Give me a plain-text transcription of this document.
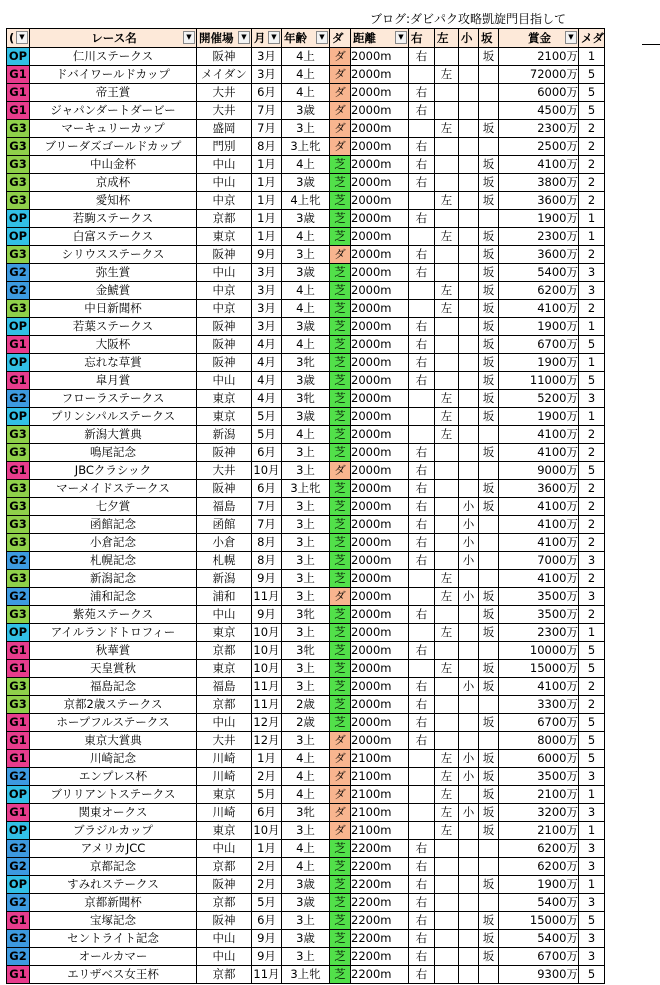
ブログ:ダビパク攻略凱旋門目指して
( ▼	レース名 ▼	開催場 ▼	月 ▼	年齢 ▼	ダ	距離 ▼	右	左	小	坂	賞金 ▼	メダ
OP	仁川ステークス	阪神	3月	4上	ダ	2000m	右			坂	2100万	1
G1	ドバイワールドカップ	メイダン	3月	4上	ダ	2000m		左			72000万	5
G1	帝王賞	大井	6月	4上	ダ	2000m	右				6000万	5
G1	ジャパンダートダービー	大井	7月	3歳	ダ	2000m	右				4500万	5
G3	マーキュリーカップ	盛岡	7月	3上	ダ	2000m		左		坂	2300万	2
G3	ブリーダズゴールドカップ	門別	8月	3上牝	ダ	2000m	右				2500万	2
G3	中山金杯	中山	1月	4上	芝	2000m	右			坂	4100万	2
G3	京成杯	中山	1月	3歳	芝	2000m	右			坂	3800万	2
G3	愛知杯	中京	1月	4上牝	芝	2000m		左		坂	3600万	2
OP	若駒ステークス	京都	1月	3歳	芝	2000m	右				1900万	1
OP	白富ステークス	東京	1月	4上	芝	2000m		左		坂	2300万	1
G3	シリウスステークス	阪神	9月	3上	ダ	2000m	右			坂	3600万	2
G2	弥生賞	中山	3月	3歳	芝	2000m	右			坂	5400万	3
G2	金鯱賞	中京	3月	4上	芝	2000m		左		坂	6200万	3
G3	中日新聞杯	中京	3月	4上	芝	2000m		左		坂	4100万	2
OP	若葉ステークス	阪神	3月	3歳	芝	2000m	右			坂	1900万	1
G1	大阪杯	阪神	4月	4上	芝	2000m	右			坂	6700万	5
OP	忘れな草賞	阪神	4月	3牝	芝	2000m	右			坂	1900万	1
G1	皐月賞	中山	4月	3歳	芝	2000m	右			坂	11000万	5
G2	フローラステークス	東京	4月	3牝	芝	2000m		左		坂	5200万	3
OP	プリンシパルステークス	東京	5月	3歳	芝	2000m		左		坂	1900万	1
G3	新潟大賞典	新潟	5月	4上	芝	2000m		左			4100万	2
G3	鳴尾記念	阪神	6月	3上	芝	2000m	右			坂	4100万	2
G1	JBCクラシック	大井	10月	3上	ダ	2000m	右				9000万	5
G3	マーメイドステークス	阪神	6月	3上牝	芝	2000m	右			坂	3600万	2
G3	七夕賞	福島	7月	3上	芝	2000m	右		小	坂	4100万	2
G3	函館記念	函館	7月	3上	芝	2000m	右		小		4100万	2
G3	小倉記念	小倉	8月	3上	芝	2000m	右		小		4100万	2
G2	札幌記念	札幌	8月	3上	芝	2000m	右		小		7000万	3
G3	新潟記念	新潟	9月	3上	芝	2000m		左			4100万	2
G2	浦和記念	浦和	11月	3上	ダ	2000m		左	小	坂	3500万	3
G3	紫苑ステークス	中山	9月	3牝	芝	2000m	右			坂	3500万	2
OP	アイルランドトロフィー	東京	10月	3上	芝	2000m		左		坂	2300万	1
G1	秋華賞	京都	10月	3牝	芝	2000m	右				10000万	5
G1	天皇賞秋	東京	10月	3上	芝	2000m		左		坂	15000万	5
G3	福島記念	福島	11月	3上	芝	2000m	右		小	坂	4100万	2
G3	京都2歳ステークス	京都	11月	2歳	芝	2000m	右				3300万	2
G1	ホープフルステークス	中山	12月	2歳	芝	2000m	右			坂	6700万	5
G1	東京大賞典	大井	12月	3上	ダ	2000m	右				8000万	5
G1	川崎記念	川崎	1月	4上	ダ	2100m		左	小	坂	6000万	5
G2	エンプレス杯	川崎	2月	4上	ダ	2100m		左	小	坂	3500万	3
OP	ブリリアントステークス	東京	5月	4上	ダ	2100m		左		坂	2100万	1
G1	関東オークス	川崎	6月	3牝	ダ	2100m		左	小	坂	3200万	3
OP	ブラジルカップ	東京	10月	3上	ダ	2100m		左		坂	2100万	1
G2	アメリカJCC	中山	1月	4上	芝	2200m	右				6200万	3
G2	京都記念	京都	2月	4上	芝	2200m	右				6200万	3
OP	すみれステークス	阪神	2月	3歳	芝	2200m	右			坂	1900万	1
G2	京都新聞杯	京都	5月	3歳	芝	2200m	右				5400万	3
G1	宝塚記念	阪神	6月	3上	芝	2200m	右			坂	15000万	5
G2	セントライト記念	中山	9月	3歳	芝	2200m	右			坂	5400万	3
G2	オールカマー	中山	9月	3上	芝	2200m	右			坂	6700万	3
G1	エリザベス女王杯	京都	11月	3上牝	芝	2200m	右				9300万	5
